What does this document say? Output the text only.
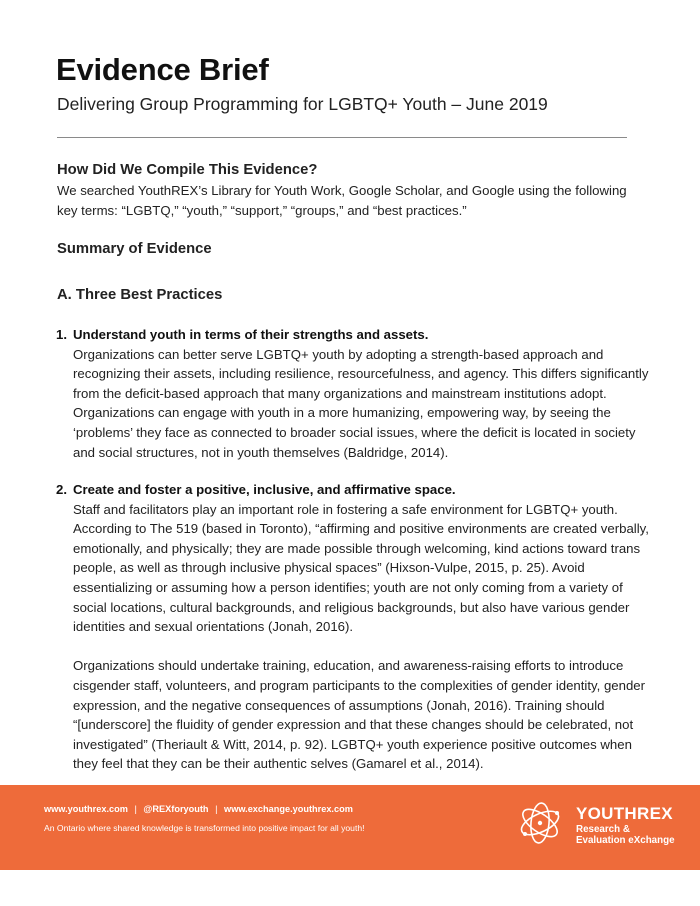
Evidence Brief
Delivering Group Programming for LGBTQ+ Youth – June 2019
How Did We Compile This Evidence?
We searched YouthREX’s Library for Youth Work, Google Scholar, and Google using the following key terms: “LGBTQ,” “youth,” “support,” “groups,” and “best practices.”
Summary of Evidence
A. Three Best Practices
1. Understand youth in terms of their strengths and assets.

Organizations can better serve LGBTQ+ youth by adopting a strength-based approach and recognizing their assets, including resilience, resourcefulness, and agency. This differs significantly from the deficit-based approach that many organizations and mainstream institutions adopt. Organizations can engage with youth in a more humanizing, empowering way, by seeing the ‘problems’ they face as connected to broader social issues, where the deficit is located in society and social structures, not in youth themselves (Baldridge, 2014).

2. Create and foster a positive, inclusive, and affirmative space.

Staff and facilitators play an important role in fostering a safe environment for LGBTQ+ youth. According to The 519 (based in Toronto), “affirming and positive environments are created verbally, emotionally, and physically; they are made possible through welcoming, kind actions toward trans people, as well as through inclusive physical spaces” (Hixson-Vulpe, 2015, p. 25). Avoid essentializing or assuming how a person identifies; youth are not only coming from a variety of social locations, cultural backgrounds, and religious backgrounds, but also have various gender identities and sexual orientations (Jonah, 2016).

Organizations should undertake training, education, and awareness-raising efforts to introduce cisgender staff, volunteers, and program participants to the complexities of gender identity, gender expression, and the negative consequences of assumptions (Jonah, 2016). Training should “[underscore] the fluidity of gender expression and that these changes should be celebrated, not investigated” (Theriault & Witt, 2014, p. 92). LGBTQ+ youth experience positive outcomes when they feel that they can be their authentic selves (Gamarel et al., 2014).

www.youthrex.com | @REXforyouth | www.exchange.youthrex.com
An Ontario where shared knowledge is transformed into positive impact for all youth!
YOUTHREX
Research &
Evaluation eXchange
